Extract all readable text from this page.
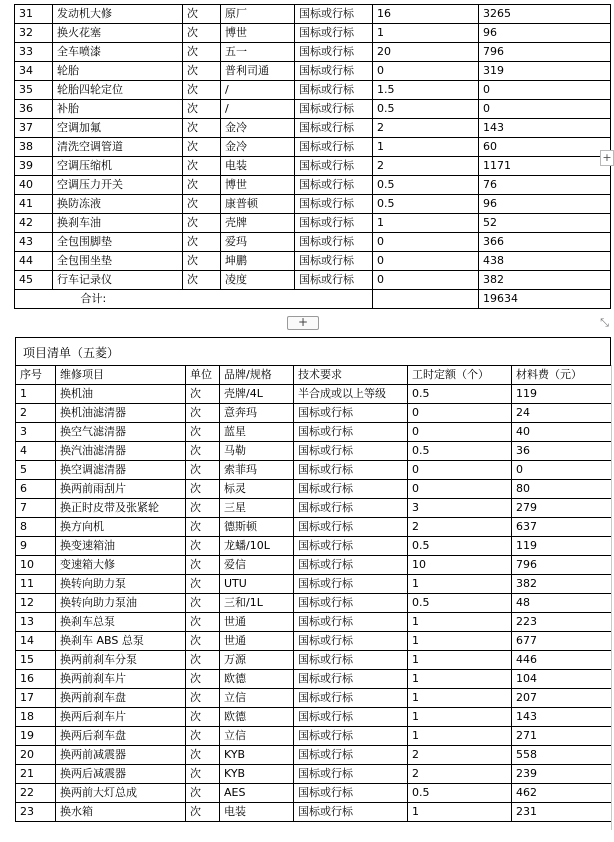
31	发动机大修	次	原厂	国标或行标	16	3265
32	换火花塞	次	博世	国标或行标	1	96
33	全车喷漆	次	五一	国标或行标	20	796
34	轮胎	次	普利司通	国标或行标	0	319
35	轮胎四轮定位	次	/	国标或行标	1.5	0
36	补胎	次	/	国标或行标	0.5	0
37	空调加氟	次	金冷	国标或行标	2	143
38	清洗空调管道	次	金冷	国标或行标	1	60
39	空调压缩机	次	电装	国标或行标	2	1171
40	空调压力开关	次	博世	国标或行标	0.5	76
41	换防冻液	次	康普顿	国标或行标	0.5	96
42	换刹车油	次	壳牌	国标或行标	1	52
43	全包围脚垫	次	爱玛	国标或行标	0	366
44	全包围坐垫	次	坤鹏	国标或行标	0	438
45	行车记录仪	次	凌度	国标或行标	0	382
	合计:					19634
+
+	⤡
项目清单（五菱）
序号	维修项目	单位	品牌/规格	技术要求	工时定额（个）	材料费（元）
1	换机油	次	壳牌/4L	半合成或以上等级	0.5	119
2	换机油滤清器	次	意奔玛	国标或行标	0	24
3	换空气滤清器	次	蓝星	国标或行标	0	40
4	换汽油滤清器	次	马勒	国标或行标	0.5	36
5	换空调滤清器	次	索菲玛	国标或行标	0	0
6	换两前雨刮片	次	标灵	国标或行标	0	80
7	换正时皮带及张紧轮	次	三星	国标或行标	3	279
8	换方向机	次	德斯顿	国标或行标	2	637
9	换变速箱油	次	龙蟠/10L	国标或行标	0.5	119
10	变速箱大修	次	爱信	国标或行标	10	796
11	换转向助力泵	次	UTU	国标或行标	1	382
12	换转向助力泵油	次	三和/1L	国标或行标	0.5	48
13	换刹车总泵	次	世通	国标或行标	1	223
14	换刹车 ABS 总泵	次	世通	国标或行标	1	677
15	换两前刹车分泵	次	万源	国标或行标	1	446
16	换两前刹车片	次	欧德	国标或行标	1	104
17	换两前刹车盘	次	立信	国标或行标	1	207
18	换两后刹车片	次	欧德	国标或行标	1	143
19	换两后刹车盘	次	立信	国标或行标	1	271
20	换两前减震器	次	KYB	国标或行标	2	558
21	换两后减震器	次	KYB	国标或行标	2	239
22	换两前大灯总成	次	AES	国标或行标	0.5	462
23	换水箱	次	电装	国标或行标	1	231
